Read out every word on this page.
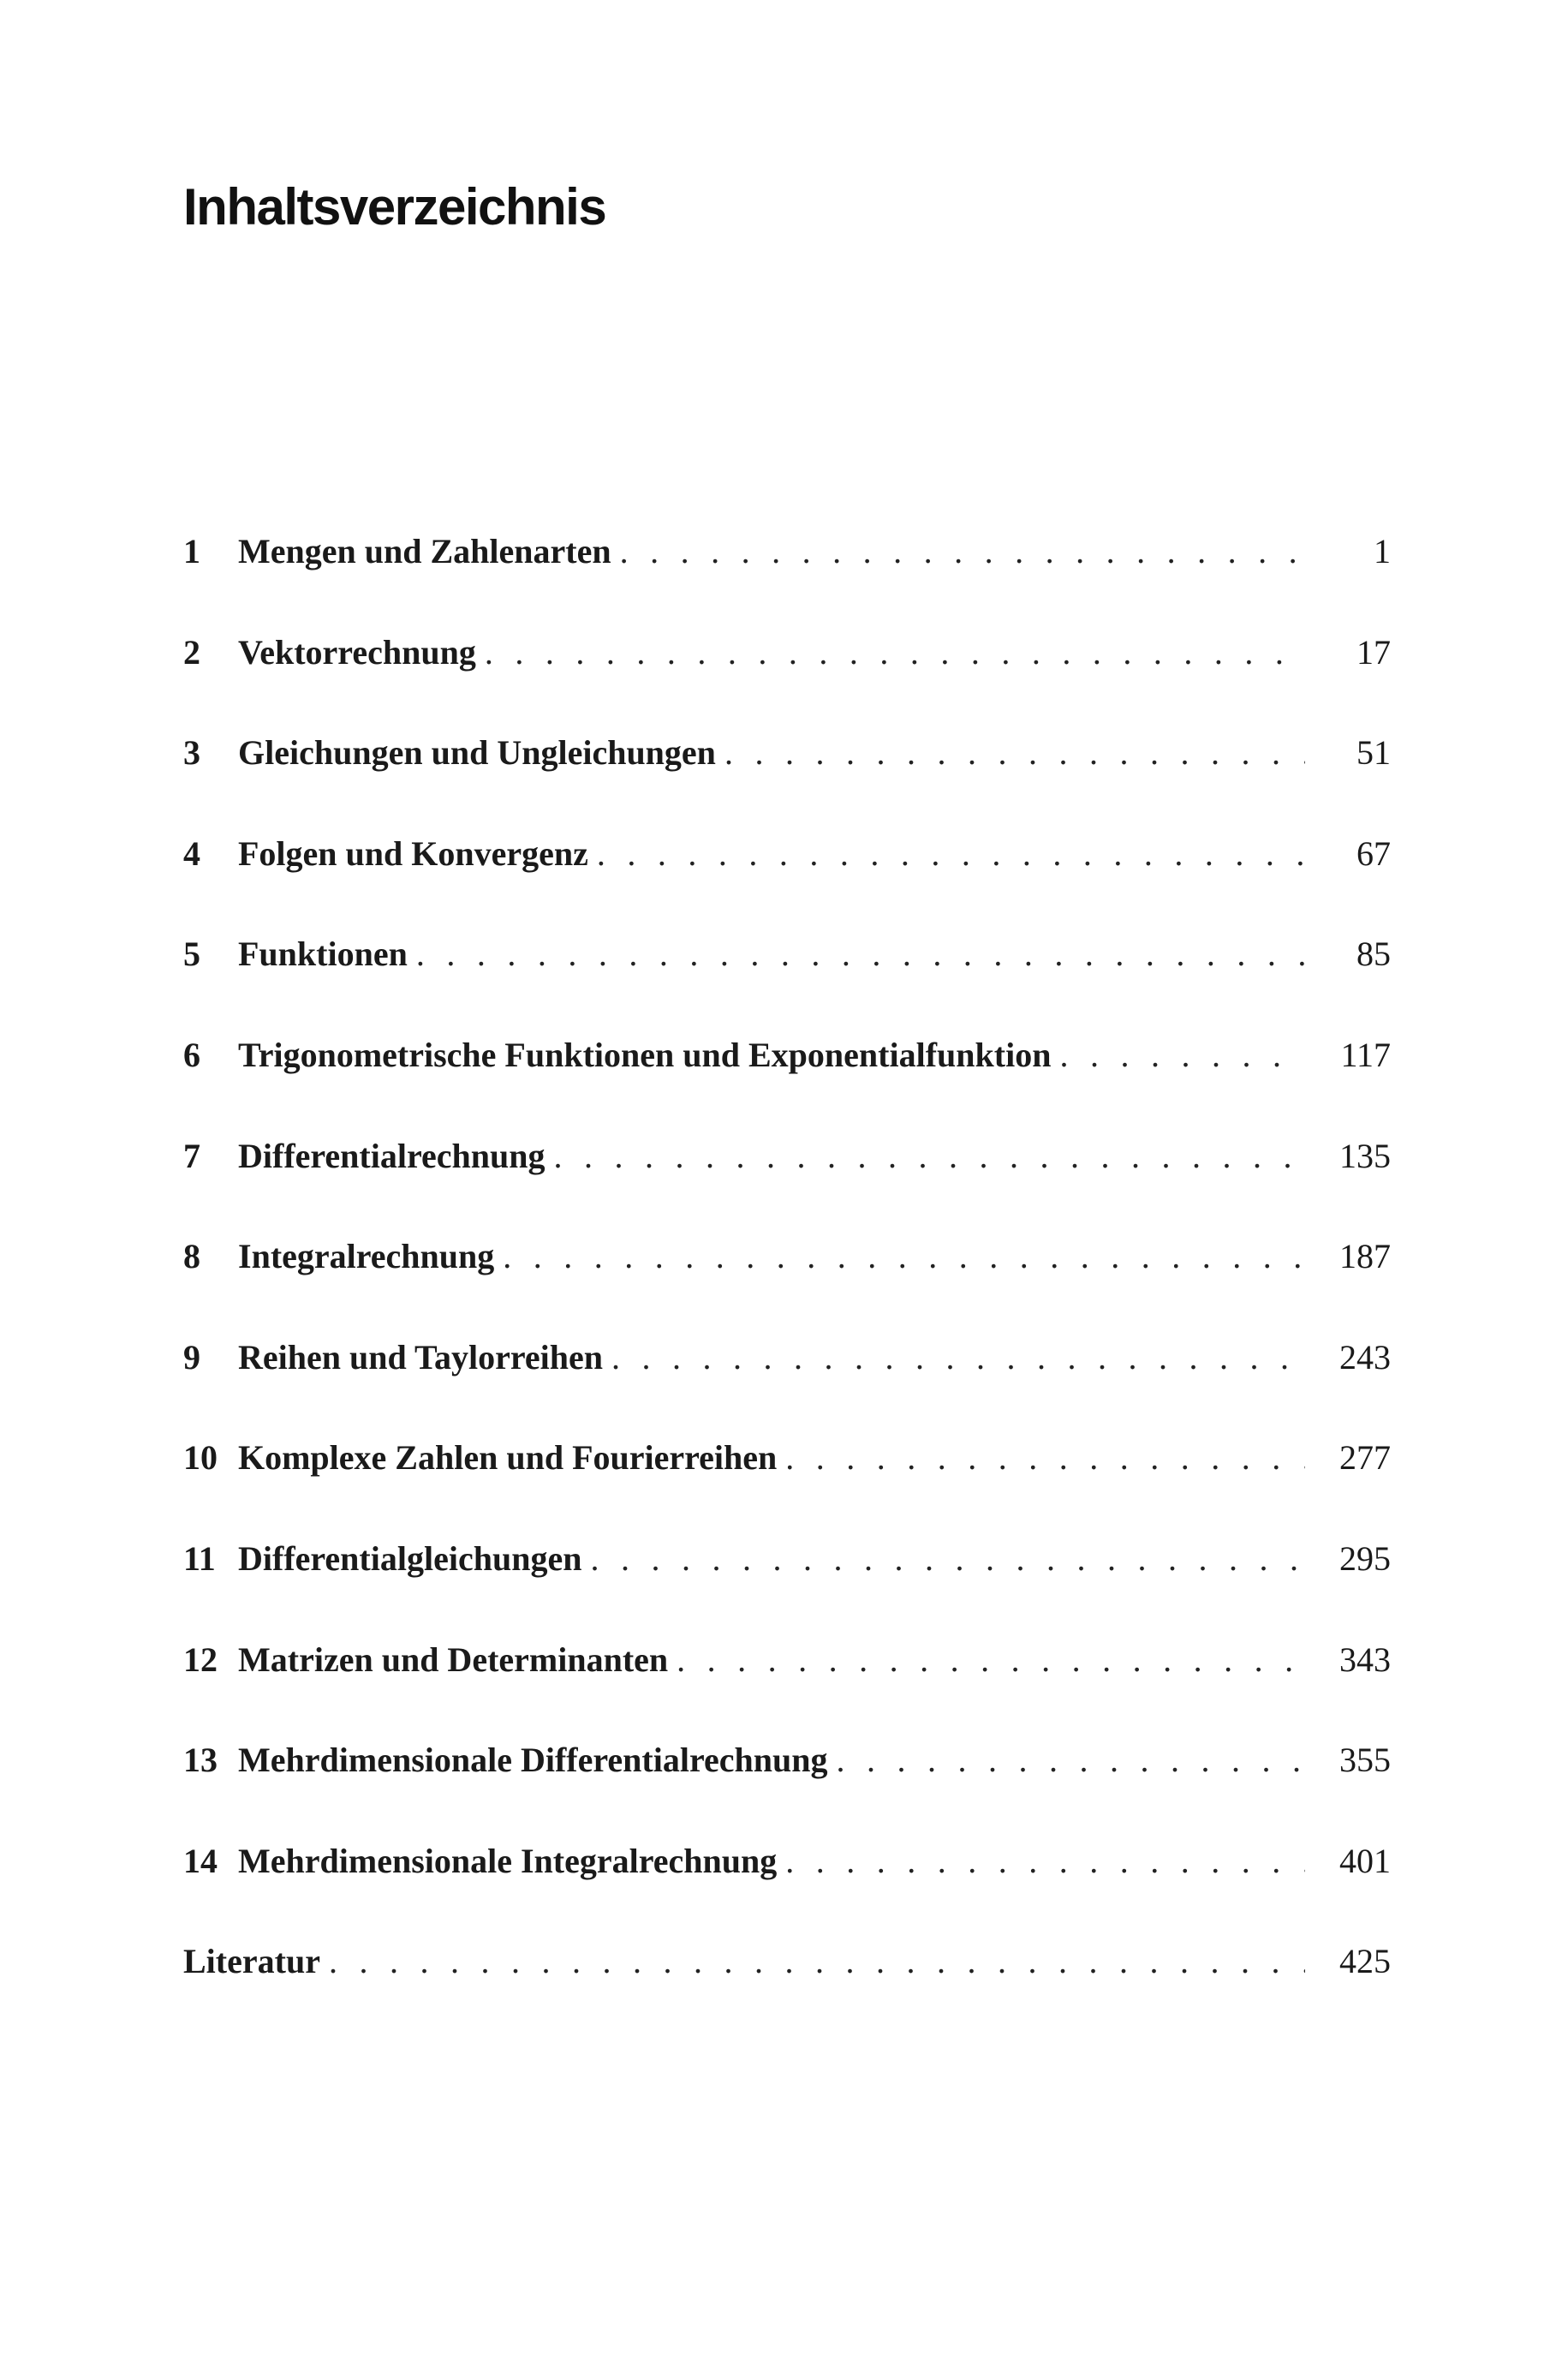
Inhaltsverzeichnis
1	Mengen und Zahlenarten . . .	1
2	Vektorrechnung . . .	17
3	Gleichungen und Ungleichungen . . .	51
4	Folgen und Konvergenz . . .	67
5	Funktionen . . .	85
6	Trigonometrische Funktionen und Exponentialfunktion . . .	117
7	Differentialrechnung . . .	135
8	Integralrechnung . . .	187
9	Reihen und Taylorreihen . . .	243
10 Komplexe Zahlen und Fourierreihen . . .	277
11 Differentialgleichungen . . .	295
12 Matrizen und Determinanten . . .	343
13 Mehrdimensionale Differentialrechnung . . .	355
14 Mehrdimensionale Integralrechnung . . .	401
Literatur . . .	425
